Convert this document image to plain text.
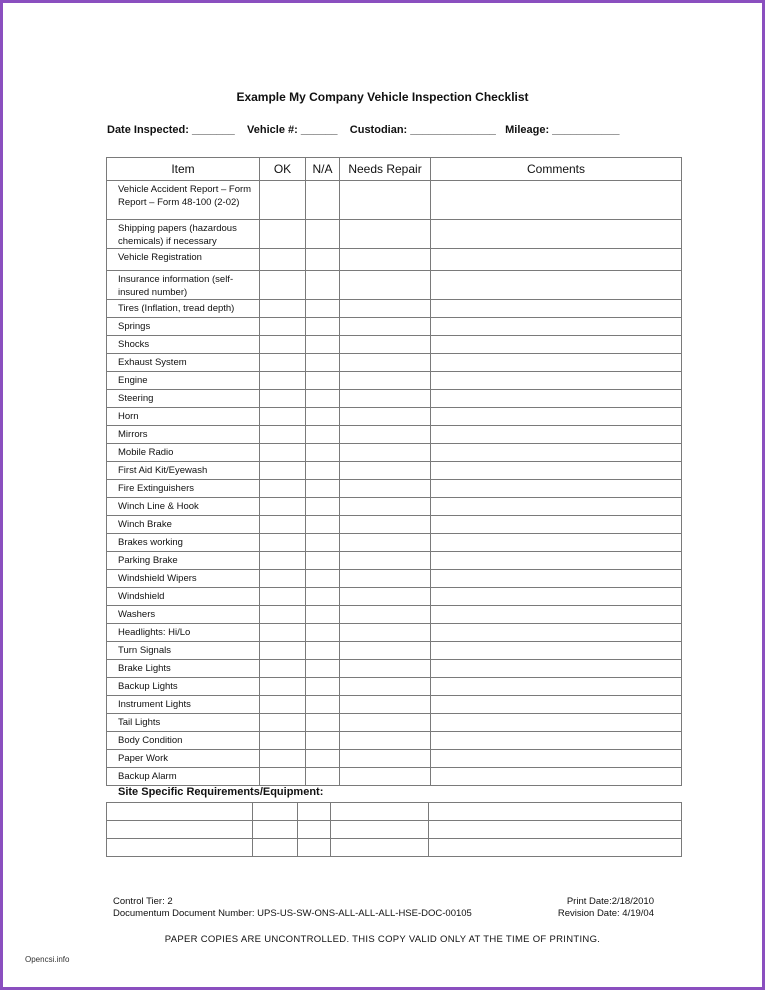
Example My Company Vehicle Inspection Checklist
Date Inspected: _______ Vehicle #: ______ Custodian: ______________ Mileage: ___________
Item	OK	N/A	Needs Repair	Comments
Vehicle Accident Report – Form Report – Form 48-100 (2-02)				
Shipping papers (hazardous chemicals) if necessary				
Vehicle Registration				
Insurance information (self-insured number)				
Tires (Inflation, tread depth)				
Springs				
Shocks				
Exhaust System				
Engine				
Steering				
Horn				
Mirrors				
Mobile Radio				
First Aid Kit/Eyewash				
Fire Extinguishers				
Winch Line & Hook				
Winch Brake				
Brakes working				
Parking Brake				
Windshield Wipers				
Windshield				
Washers				
Headlights: Hi/Lo				
Turn Signals				
Brake Lights				
Backup Lights				
Instrument Lights				
Tail Lights				
Body Condition				
Paper Work				
Backup Alarm				
Site Specific Requirements/Equipment:

Control Tier: 2
Documentum Document Number: UPS-US-SW-ONS-ALL-ALL-ALL-HSE-DOC-00105
Print Date:2/18/2010
Revision Date: 4/19/04
PAPER COPIES ARE UNCONTROLLED. THIS COPY VALID ONLY AT THE TIME OF PRINTING.
Opencsi.info
